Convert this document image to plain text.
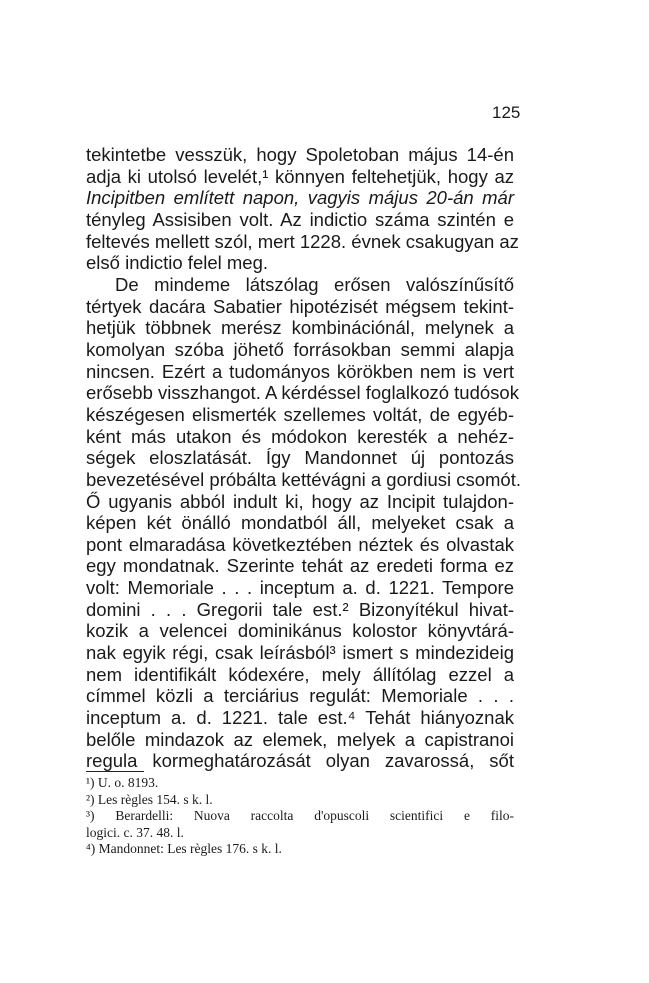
125
tekintetbe vesszük, hogy Spoletoban május 14-én
adja ki utolsó levelét,¹ könnyen feltehetjük, hogy az
Incipitben említett napon, vagyis május 20-án már
tényleg Assisiben volt. Az indictio száma szintén e
feltevés mellett szól, mert 1228. évnek csakugyan az
első indictio felel meg.
De mindeme látszólag erősen valószínűsítő
tértyek dacára Sabatier hipotézisét mégsem tekint-
hetjük többnek merész kombinációnál, melynek a
komolyan szóba jöhető forrásokban semmi alapja
nincsen. Ezért a tudományos körökben nem is vert
erősebb visszhangot. A kérdéssel foglalkozó tudósok
készégesen elismerték szellemes voltát, de egyéb-
ként más utakon és módokon keresték a nehéz-
ségek eloszlatását. Így Mandonnet új pontozás
bevezetésével próbálta kettévágni a gordiusi csomót.
Ő ugyanis abból indult ki, hogy az Incipit tulajdon-
képen két önálló mondatból áll, melyeket csak a
pont elmaradása következtében néztek és olvastak
egy mondatnak. Szerinte tehát az eredeti forma ez
volt: Memoriale . . . inceptum a. d. 1221. Tempore
domini . . . Gregorii tale est.² Bizonyítékul hivat-
kozik a velencei dominikánus kolostor könyvtárá-
nak egyik régi, csak leírásból³ ismert s mindezideig
nem identifikált kódexére, mely állítólag ezzel a
címmel közli a terciárius regulát: Memoriale . . .
inceptum a. d. 1221. tale est.⁴ Tehát hiányoznak
belőle mindazok az elemek, melyek a capistranoi
regula kormeghatározását olyan zavarossá, sőt
¹) U. o. 8193.
²) Les règles 154. s k. l.
³) Berardelli: Nuova raccolta d'opuscoli scientifici e filo-
logici. c. 37. 48. l.
⁴) Mandonnet: Les règles 176. s k. l.
